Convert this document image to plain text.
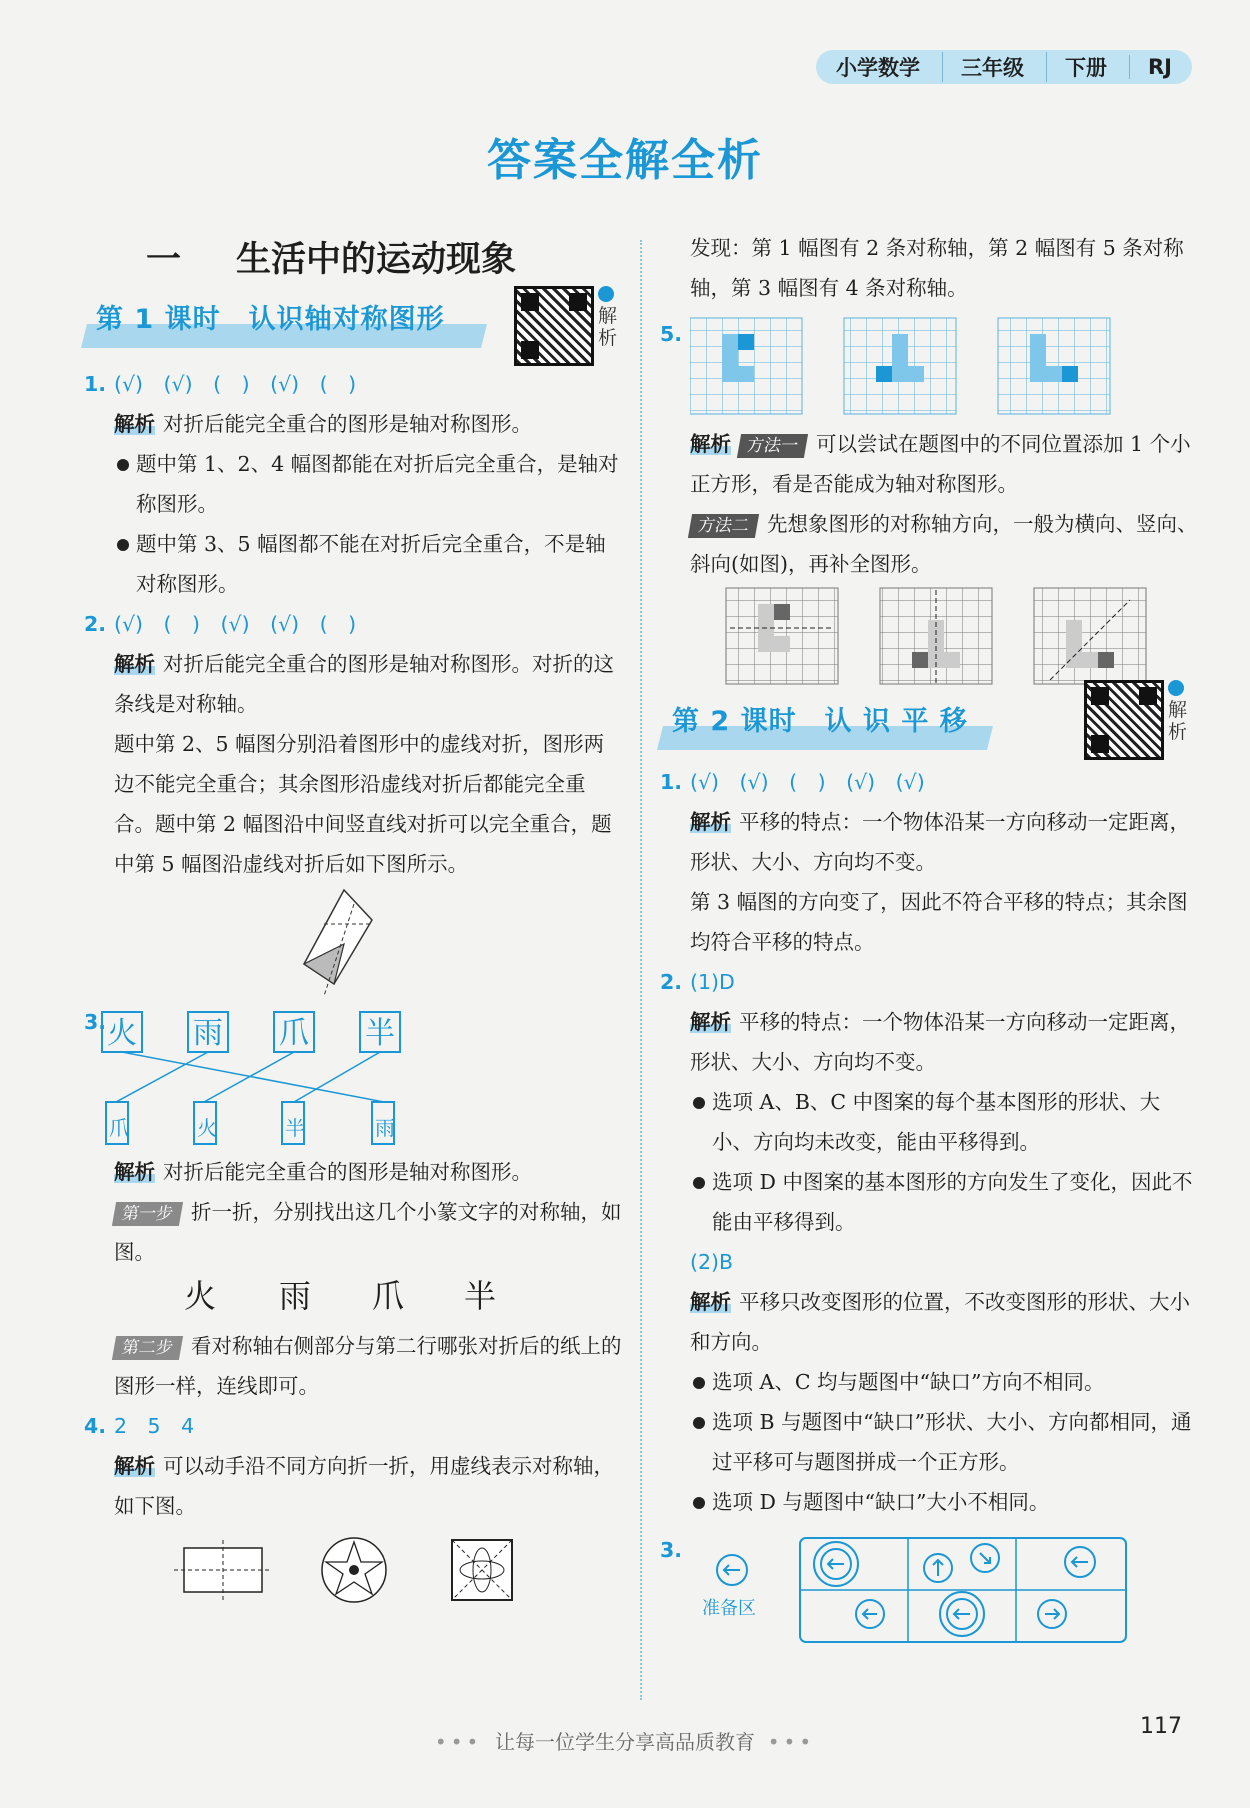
小学数学	三年级	下册	RJ
答案全解全析
一 生活中的运动现象
第 1 课时　认识轴对称图形	解析
1. (√)　(√)　(　)　(√)　(　)
解析 对折后能完全重合的图形是轴对称图形。
题中第 1、2、4 幅图都能在对折后完全重合，是轴对称图形。
题中第 3、5 幅图都不能在对折后完全重合，不是轴对称图形。
2. (√)　(　)　(√)　(√)　(　)
解析 对折后能完全重合的图形是轴对称图形。对折的这条线是对称轴。
题中第 2、5 幅图分别沿着图形中的虚线对折，图形两边不能完全重合；其余图形沿虚线对折后都能完全重合。题中第 2 幅图沿中间竖直线对折可以完全重合，题中第 5 幅图沿虚线对折后如下图所示。
3. 火 雨 爪 半
爪	火	半	雨
解析 对折后能完全重合的图形是轴对称图形。
第一步 折一折，分别找出这几个小篆文字的对称轴，如图。
火 雨 爪 半
第二步 看对称轴右侧部分与第二行哪张对折后的纸上的图形一样，连线即可。
4. 2　5　4
解析 可以动手沿不同方向折一折，用虚线表示对称轴，如下图。
发现：第 1 幅图有 2 条对称轴，第 2 幅图有 5 条对称轴，第 3 幅图有 4 条对称轴。
5.
解析 方法一 可以尝试在题图中的不同位置添加 1 个小正方形，看是否能成为轴对称图形。
方法二 先想象图形的对称轴方向，一般为横向、竖向、斜向(如图)，再补全图形。
第 2 课时　认 识 平 移	解析
1. (√)　(√)　(　)　(√)　(√)
解析 平移的特点：一个物体沿某一方向移动一定距离，形状、大小、方向均不变。
第 3 幅图的方向变了，因此不符合平移的特点；其余图均符合平移的特点。
2. (1)D
解析 平移的特点：一个物体沿某一方向移动一定距离，形状、大小、方向均不变。
选项 A、B、C 中图案的每个基本图形的形状、大小、方向均未改变，能由平移得到。
选项 D 中图案的基本图形的方向发生了变化，因此不能由平移得到。
(2)B
解析 平移只改变图形的位置，不改变图形的形状、大小和方向。
选项 A、C 均与题图中“缺口”方向不相同。
选项 B 与题图中“缺口”形状、大小、方向都相同，通过平移可与题图拼成一个正方形。
选项 D 与题图中“缺口”大小不相同。
3.
准备区
••• 让每一位学生分享高品质教育 •••
117
